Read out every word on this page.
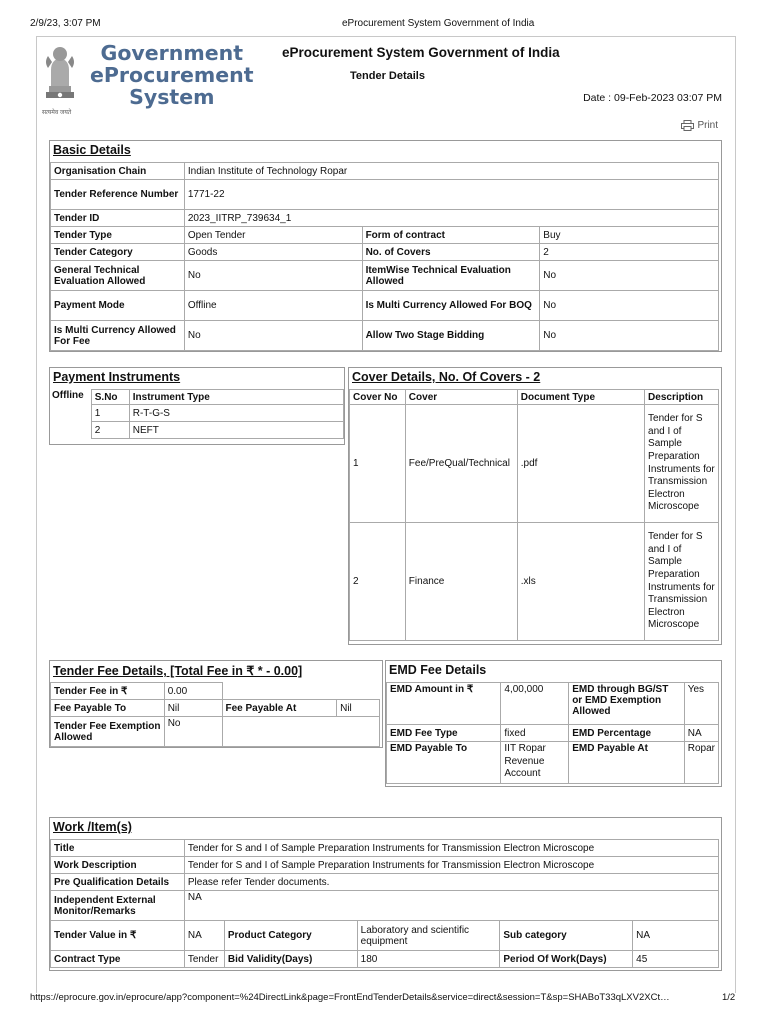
2/9/23, 3:07 PM	eProcurement System Government of India
Government
eProcurement
System
सत्यमेव जयते
eProcurement System Government of India
Tender Details
Date : 09-Feb-2023 03:07 PM
Print
Basic Details
Organisation Chain	Indian Institute of Technology Ropar		
Tender Reference Number	1771-22		
Tender ID	2023_IITRP_739634_1		
Tender Type	Open Tender	Form of contract	Buy
Tender Category	Goods	No. of Covers	2
General Technical Evaluation Allowed	No	ItemWise Technical Evaluation Allowed	No
Payment Mode	Offline	Is Multi Currency Allowed For BOQ	No
Is Multi Currency Allowed For Fee	No	Allow Two Stage Bidding	No
Payment Instruments
Offline	S.No	Instrument Type
1	R-T-G-S
2	NEFT
Cover Details, No. Of Covers - 2
Cover No	Cover	Document Type	Description
1	Fee/PreQual/Technical	.pdf	Tender for S and I of Sample Preparation Instruments for Transmission Electron Microscope
2	Finance	.xls	Tender for S and I of Sample Preparation Instruments for Transmission Electron Microscope
Tender Fee Details, [Total Fee in ₹ * - 0.00]
Tender Fee in ₹	0.00		
Fee Payable To	Nil	Fee Payable At	Nil
Tender Fee Exemption Allowed	No		
EMD Fee Details
EMD Amount in ₹	4,00,000	EMD through BG/ST or EMD Exemption Allowed	Yes
EMD Fee Type	fixed	EMD Percentage	NA
EMD Payable To	IIT Ropar Revenue Account	EMD Payable At	Ropar
Work /Item(s)
Title	Tender for S and I of Sample Preparation Instruments for Transmission Electron Microscope				
Work Description	Tender for S and I of Sample Preparation Instruments for Transmission Electron Microscope				
Pre Qualification Details	Please refer Tender documents.				
Independent External Monitor/Remarks	NA				
Tender Value in ₹	NA	Product Category	Laboratory and scientific equipment	Sub category	NA
Contract Type	Tender	Bid Validity(Days)	180	Period Of Work(Days)	45
https://eprocure.gov.in/eprocure/app?component=%24DirectLink&page=FrontEndTenderDetails&service=direct&session=T&sp=SHABoT33qLXV2XCt…	1/2
